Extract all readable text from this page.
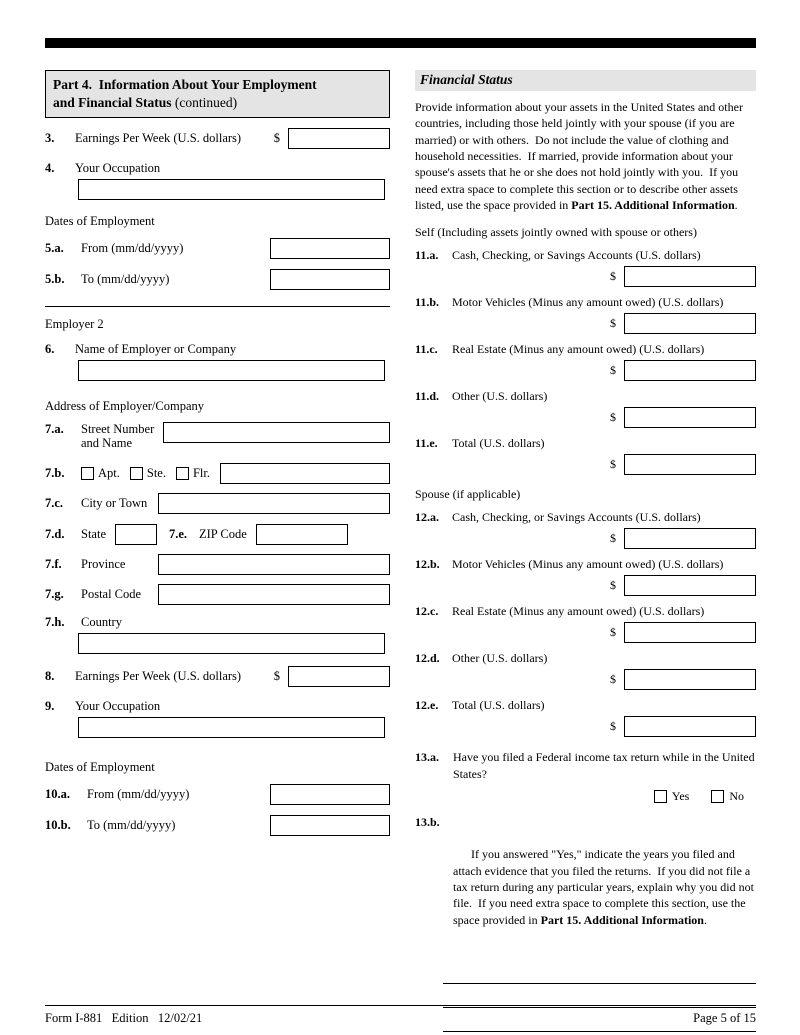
Part 4.  Information About Your Employment
and Financial Status (continued)
3.	Earnings Per Week (U.S. dollars)	$
4.	Your Occupation
Dates of Employment
5.a.	From (mm/dd/yyyy)
5.b.	To (mm/dd/yyyy)
Employer 2
6.	Name of Employer or Company
Address of Employer/Company
7.a.	Street Number and Name
7.b.	Apt. Ste. Flr.
7.c.	City or Town
7.d.	State	7.e. ZIP Code
7.f.	Province
7.g.	Postal Code
7.h.	Country
8.	Earnings Per Week (U.S. dollars)	$
9.	Your Occupation
Dates of Employment
10.a.	From (mm/dd/yyyy)
10.b.	To (mm/dd/yyyy)
Financial Status
Provide information about your assets in the United States and other countries, including those held jointly with your spouse (if you are married) or with others.  Do not include the value of clothing and household necessities.  If married, provide information about your spouse's assets that he or she does not hold jointly with you.  If you need extra space to complete this section or to describe other assets listed, use the space provided in Part 15. Additional Information.
Self (Including assets jointly owned with spouse or others)
11.a.	Cash, Checking, or Savings Accounts (U.S. dollars)
$
11.b.	Motor Vehicles (Minus any amount owed) (U.S. dollars)
$
11.c.	Real Estate (Minus any amount owed) (U.S. dollars)
$
11.d.	Other (U.S. dollars)
$
11.e.	Total (U.S. dollars)
$
Spouse (if applicable)
12.a.	Cash, Checking, or Savings Accounts (U.S. dollars)
$
12.b.	Motor Vehicles (Minus any amount owed) (U.S. dollars)
$
12.c.	Real Estate (Minus any amount owed) (U.S. dollars)
$
12.d.	Other (U.S. dollars)
$
12.e.	Total (U.S. dollars)
$
13.a. Have you filed a Federal income tax return while in the United States?
Yes	No

13.b.

If you answered "Yes," indicate the years you filed and attach evidence that you filed the returns.  If you did not file a tax return during any particular years, explain why you did not file.  If you need extra space to complete this section, use the space provided in Part 15. Additional Information.

Form I-881   Edition   12/02/21	Page 5 of 15
